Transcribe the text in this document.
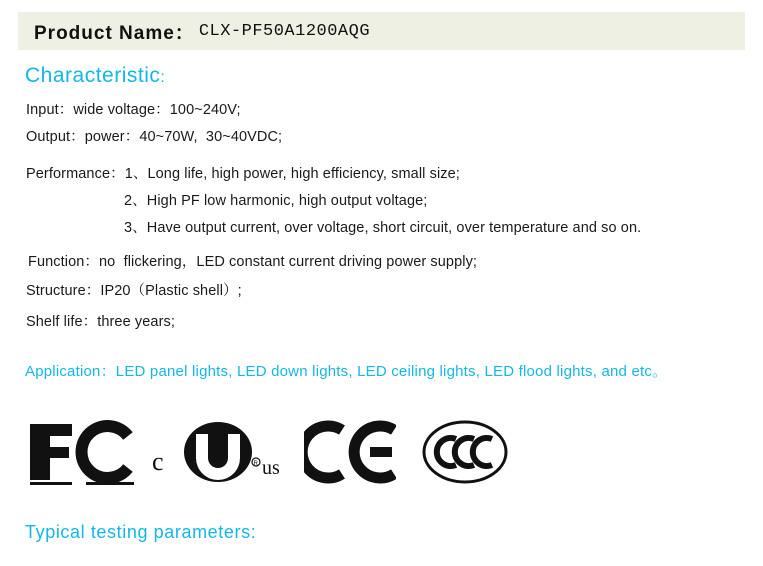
Product Name： CLX-PF50A1200AQG
Characteristic:
Input：wide voltage：100~240V;
Output：power：40~70W,  30~40VDC;
Performance：1、Long life, high power, high efficiency, small size;
2、High PF low harmonic, high output voltage;
3、Have output current, over voltage, short circuit, over temperature and so on.
Function：no  flickering，LED constant current driving power supply;
Structure：IP20（Plastic shell）;
Shelf life：three years;
Application：LED panel lights, LED down lights, LED ceiling lights, LED flood lights, and etc。
c	R us
Typical testing parameters:
